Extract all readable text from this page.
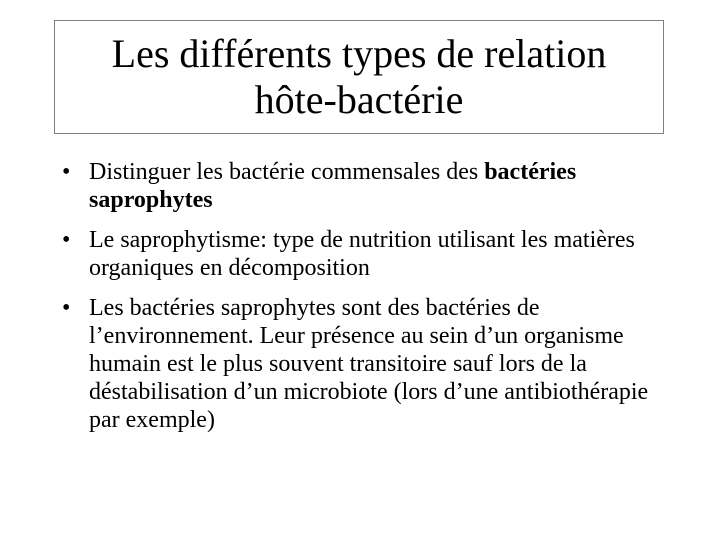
Les différents types de relation hôte-bactérie
• Distinguer les bactérie commensales des bactéries saprophytes
• Le saprophytisme: type de nutrition utilisant les matières organiques en décomposition
• Les bactéries saprophytes sont des bactéries de l’environnement. Leur présence au sein d’un organisme humain est le plus souvent transitoire sauf lors de la déstabilisation d’un microbiote (lors d’une antibiothérapie par exemple)
